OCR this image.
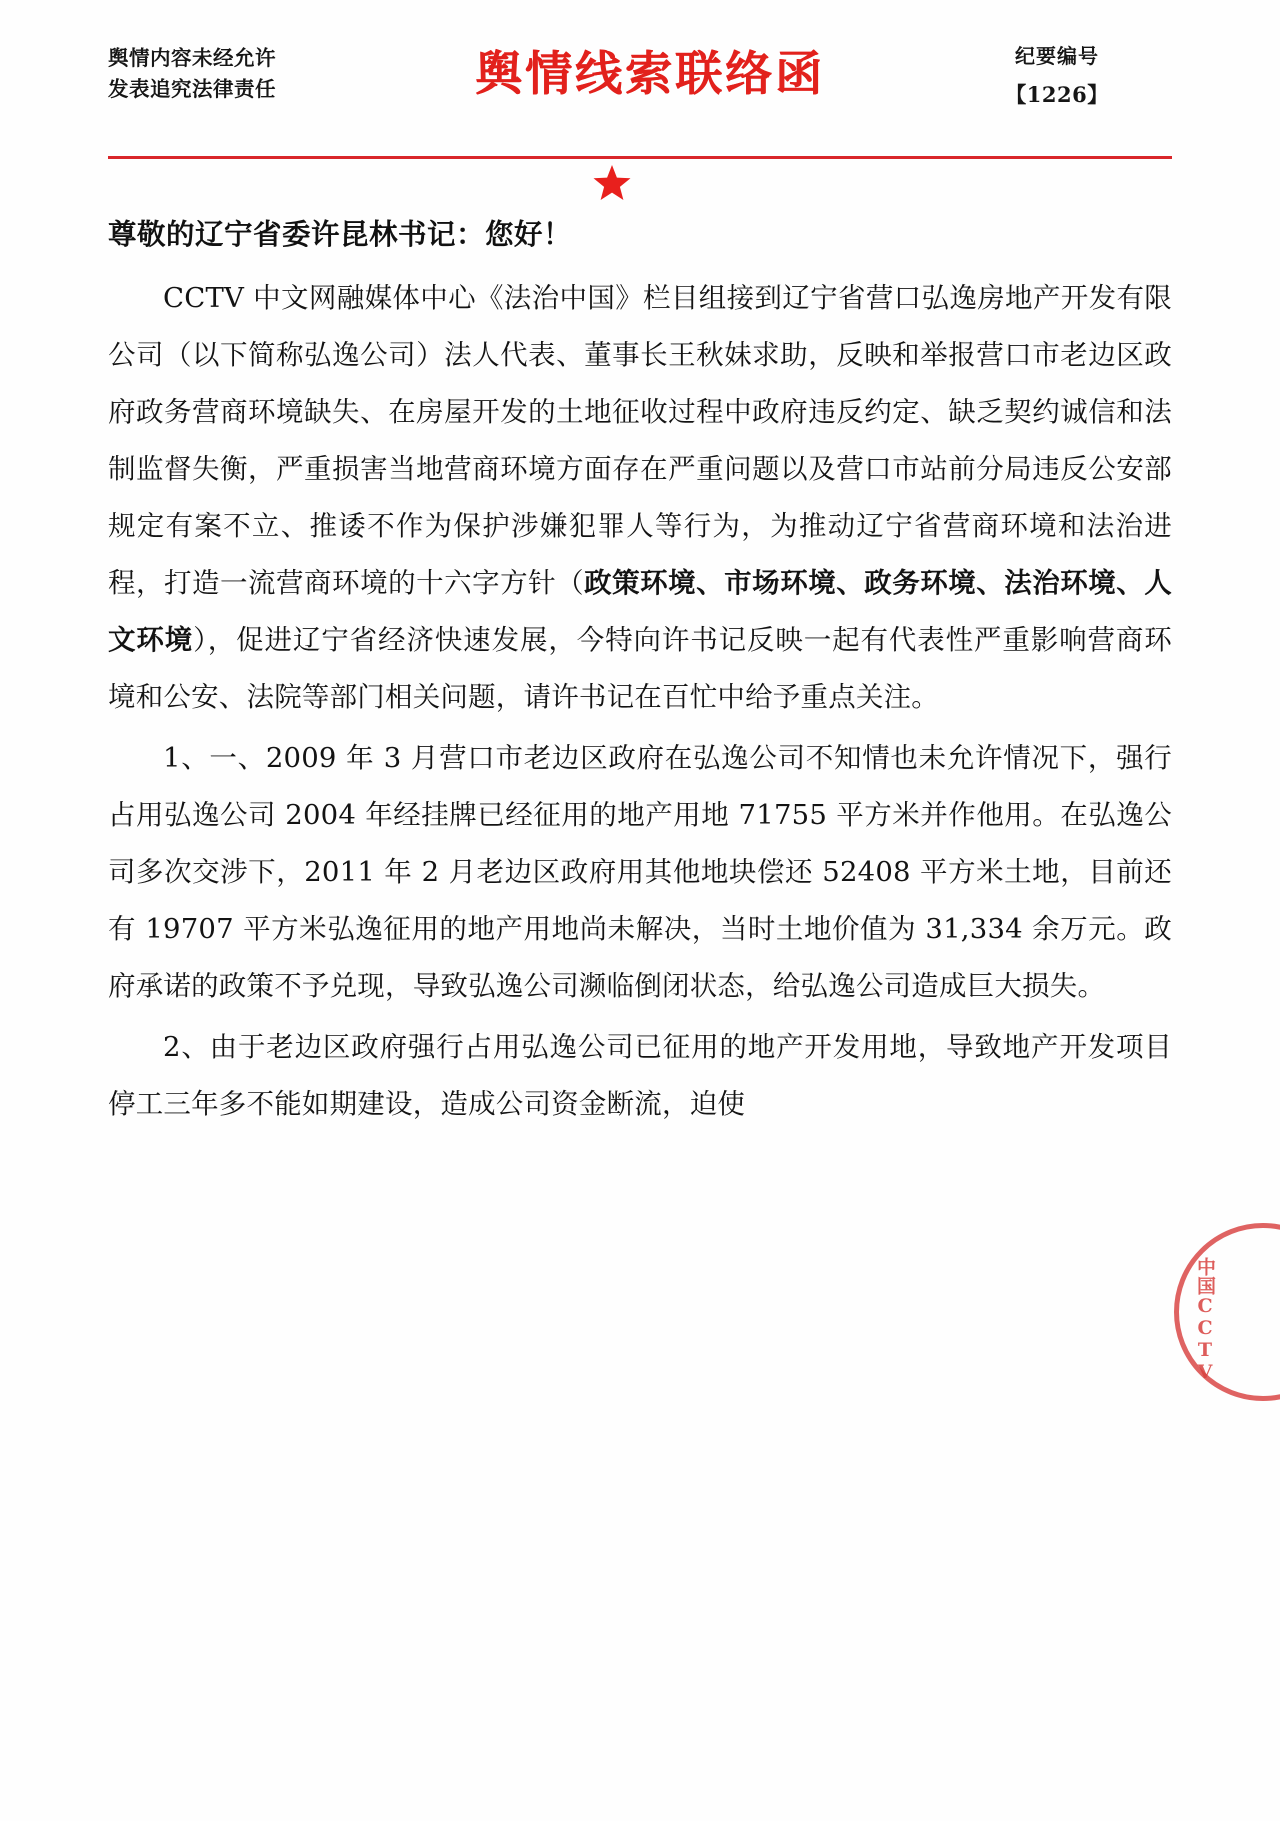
舆情内容未经允许
发表追究法律责任	舆情线索联络函	纪要编号
【1226】
尊敬的辽宁省委许昆林书记：您好！

CCTV 中文网融媒体中心《法治中国》栏目组接到辽宁省营口弘逸房地产开发有限公司（以下简称弘逸公司）法人代表、董事长王秋妹求助，反映和举报营口市老边区政府政务营商环境缺失、在房屋开发的土地征收过程中政府违反约定、缺乏契约诚信和法制监督失衡，严重损害当地营商环境方面存在严重问题以及营口市站前分局违反公安部规定有案不立、推诿不作为保护涉嫌犯罪人等行为，为推动辽宁省营商环境和法治进程，打造一流营商环境的十六字方针（政策环境、市场环境、政务环境、法治环境、人文环境），促进辽宁省经济快速发展，今特向许书记反映一起有代表性严重影响营商环境和公安、法院等部门相关问题，请许书记在百忙中给予重点关注。

1、一、2009 年 3 月营口市老边区政府在弘逸公司不知情也未允许情况下，强行占用弘逸公司 2004 年经挂牌已经征用的地产用地 71755 平方米并作他用。在弘逸公司多次交涉下，2011 年 2 月老边区政府用其他地块偿还 52408 平方米土地，目前还有 19707 平方米弘逸征用的地产用地尚未解决，当时土地价值为 31,334 余万元。政府承诺的政策不予兑现，导致弘逸公司濒临倒闭状态，给弘逸公司造成巨大损失。

2、由于老边区政府强行占用弘逸公司已征用的地产开发用地，导致地产开发项目停工三年多不能如期建设，造成公司资金断流，迫使

中国CCTV
